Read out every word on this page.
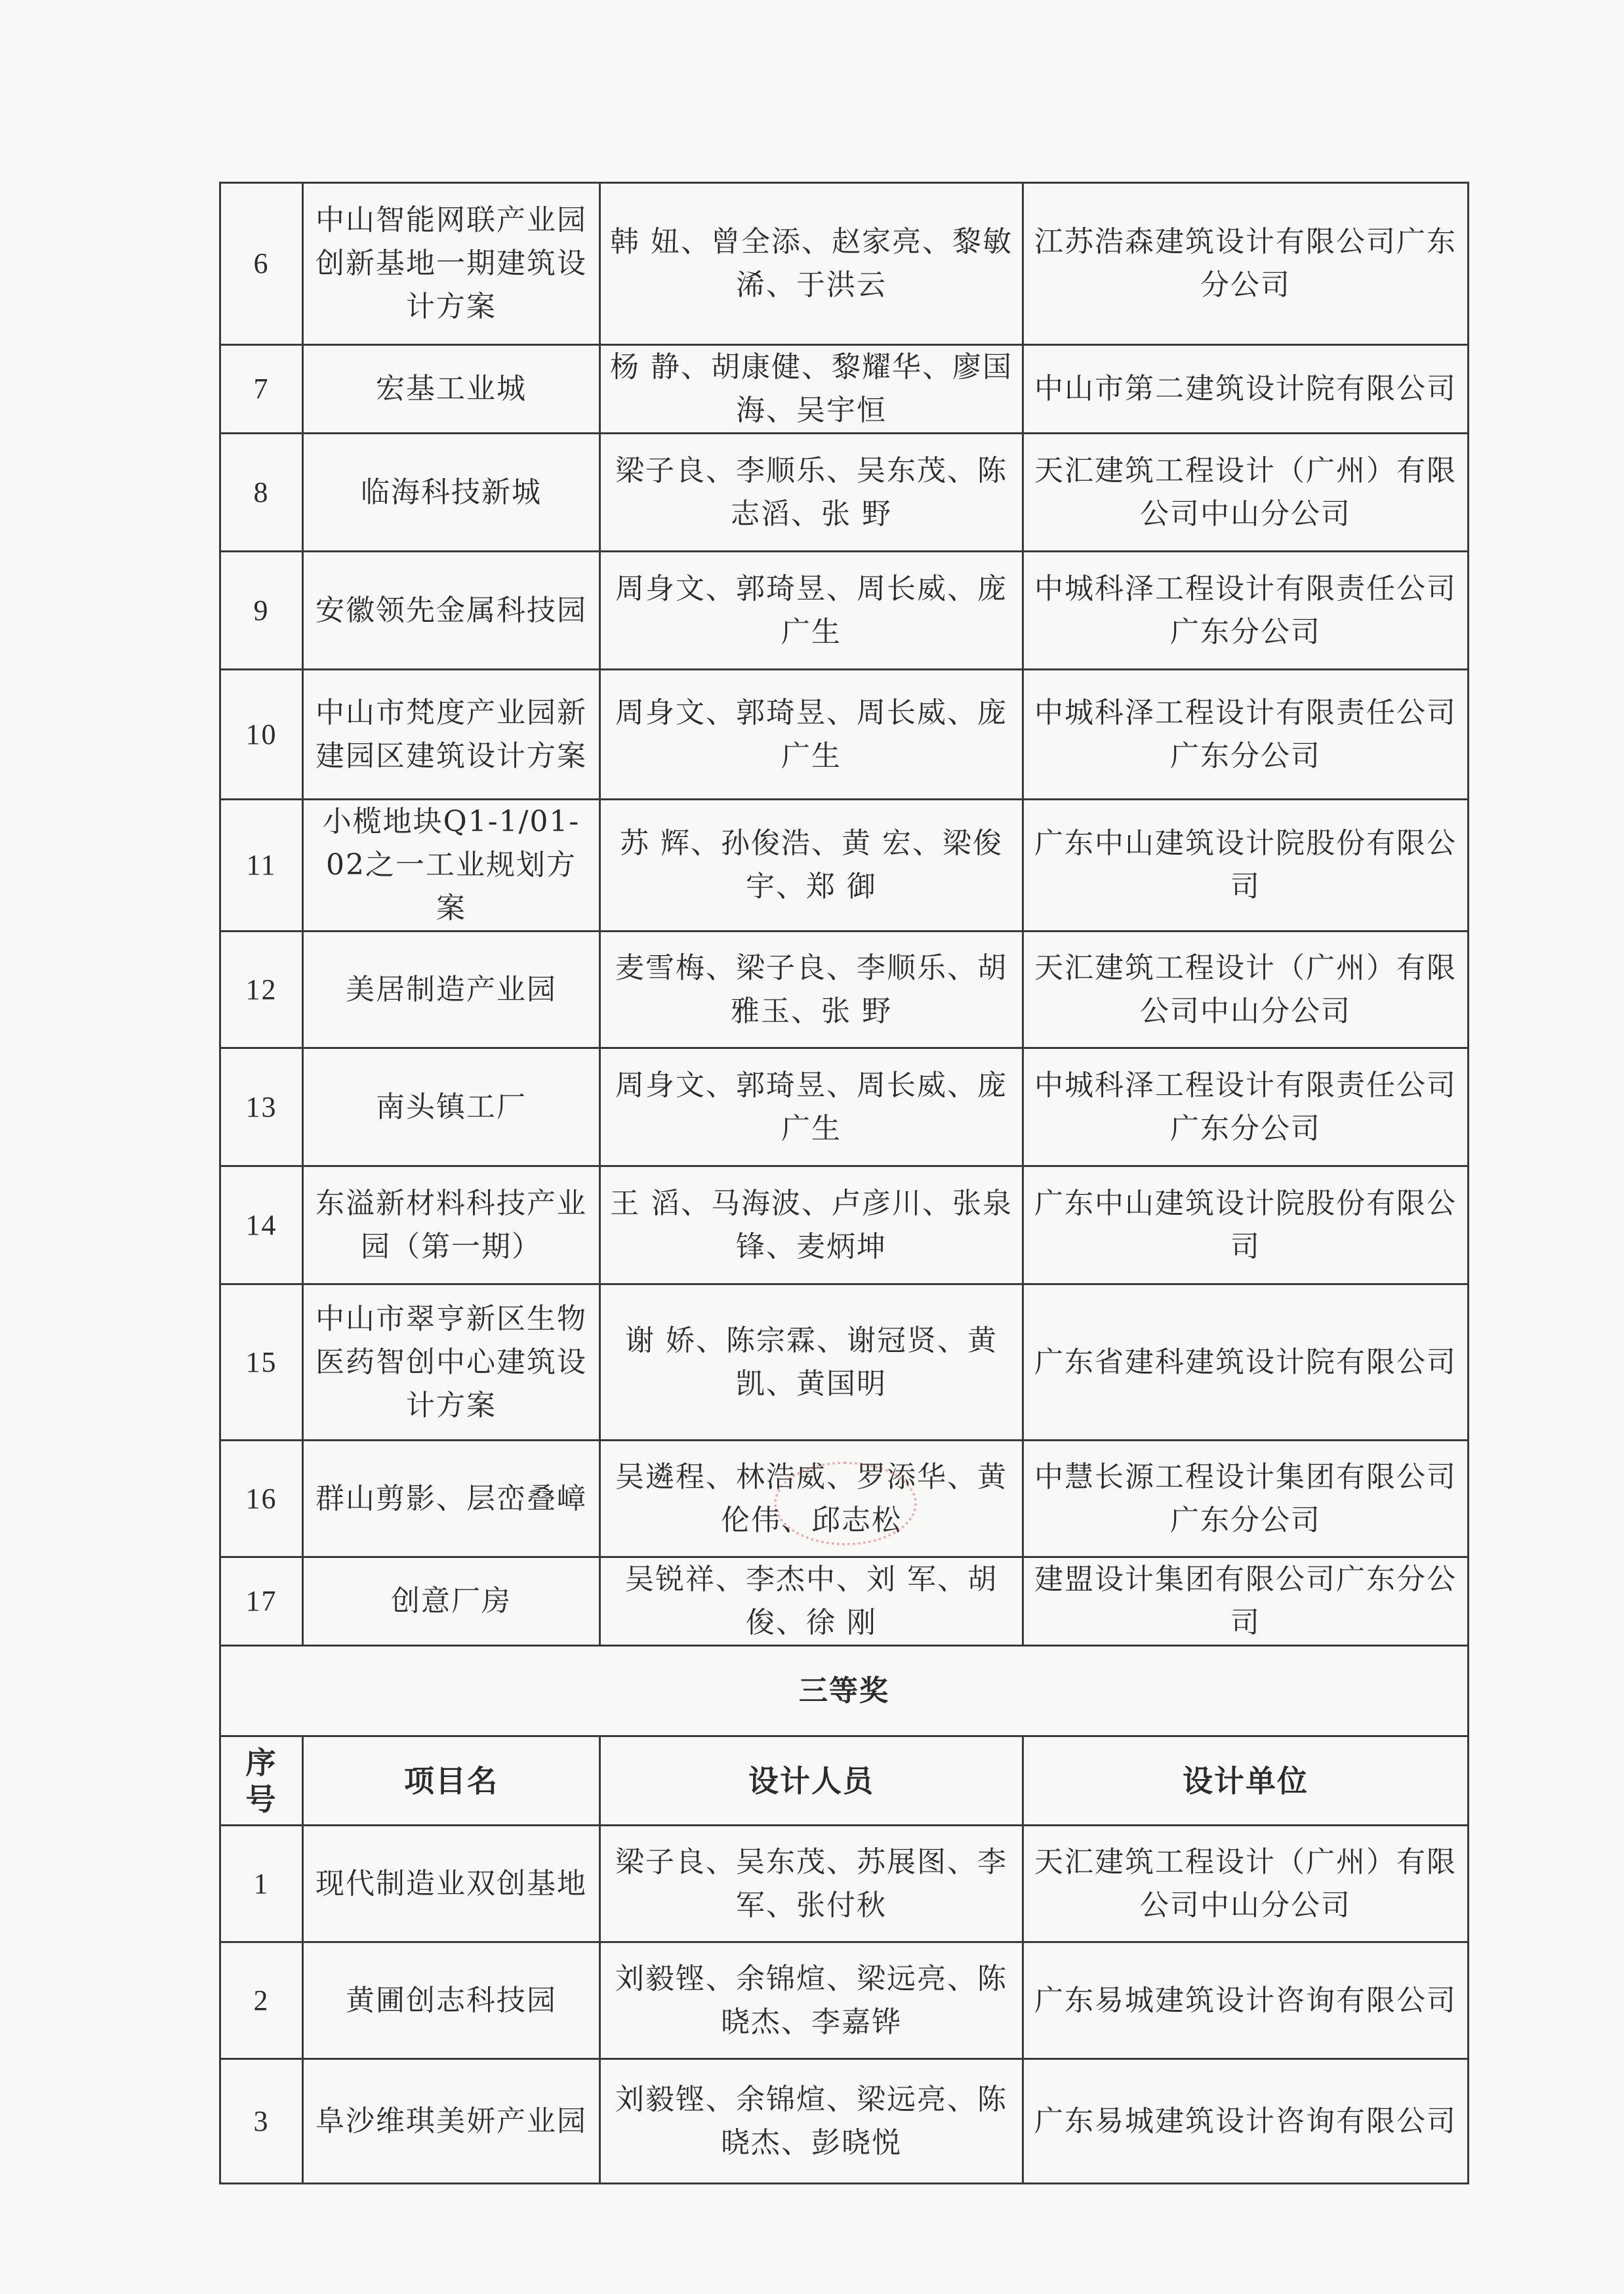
6	中山智能网联产业园创新基地一期建筑设计方案	韩 妞、曾全添、赵家亮、黎敏浠、于洪云	江苏浩森建筑设计有限公司广东分公司
7	宏基工业城	杨 静、胡康健、黎耀华、廖国海、吴宇恒	中山市第二建筑设计院有限公司
8	临海科技新城	梁子良、李顺乐、吴东茂、陈志滔、张 野	天汇建筑工程设计（广州）有限公司中山分公司
9	安徽领先金属科技园	周身文、郭琦昱、周长威、庞广生	中城科泽工程设计有限责任公司广东分公司
10	中山市梵度产业园新建园区建筑设计方案	周身文、郭琦昱、周长威、庞广生	中城科泽工程设计有限责任公司广东分公司
11	小榄地块Q1-1/01-02之一工业规划方案	苏 辉、孙俊浩、黄 宏、梁俊宇、郑 御	广东中山建筑设计院股份有限公司
12	美居制造产业园	麦雪梅、梁子良、李顺乐、胡雅玉、张 野	天汇建筑工程设计（广州）有限公司中山分公司
13	南头镇工厂	周身文、郭琦昱、周长威、庞广生	中城科泽工程设计有限责任公司广东分公司
14	东溢新材料科技产业园（第一期）	王 滔、马海波、卢彦川、张泉锋、麦炳坤	广东中山建筑设计院股份有限公司
15	中山市翠亨新区生物医药智创中心建筑设计方案	谢 娇、陈宗霖、谢冠贤、黄 凯、黄国明	广东省建科建筑设计院有限公司
16	群山剪影、层峦叠嶂	吴遴程、林浩威、罗添华、黄伦伟、邱志松	中慧长源工程设计集团有限公司广东分公司
17	创意厂房	吴锐祥、李杰中、刘 军、胡 俊、徐 刚	建盟设计集团有限公司广东分公司
三等奖			
序号	项目名	设计人员	设计单位
1	现代制造业双创基地	梁子良、吴东茂、苏展图、李 军、张付秋	天汇建筑工程设计（广州）有限公司中山分公司
2	黄圃创志科技园	刘毅铿、余锦煊、梁远亮、陈晓杰、李嘉铧	广东易城建筑设计咨询有限公司
3	阜沙维琪美妍产业园	刘毅铿、余锦煊、梁远亮、陈晓杰、彭晓悦	广东易城建筑设计咨询有限公司
